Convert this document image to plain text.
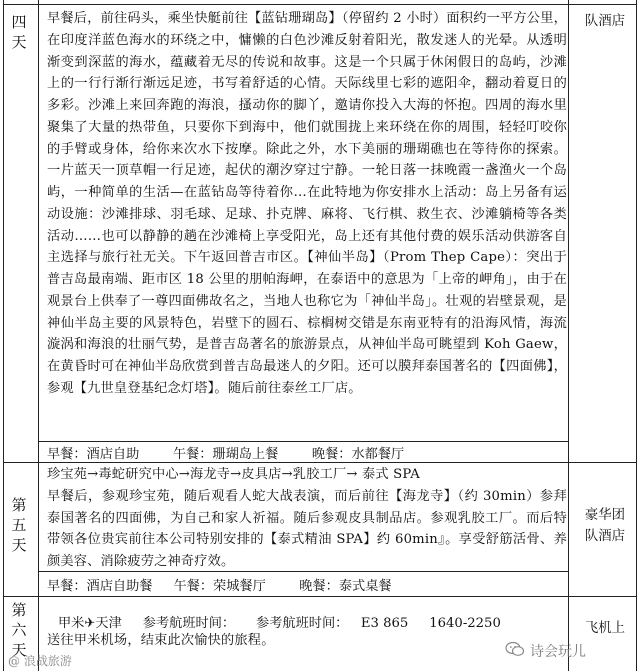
四
天

早餐后，前往码头，乘坐快艇前往【蓝钻珊瑚岛】（停留约 2 小时）面积约一平方公里，在印度洋蓝色海水的环绕之中，慵懒的白色沙滩反射着阳光，散发迷人的光晕。从透明渐变到深蓝的海水，蕴藏着无尽的传说和故事。这是一个只属于休闲假日的岛屿，沙滩上的一行行渐行渐远足迹，书写着舒适的心情。天际线里七彩的遮阳伞，翻动着夏日的多彩。沙滩上来回奔跑的海浪，搔动你的脚丫，邀请你投入大海的怀抱。四周的海水里聚集了大量的热带鱼，只要你下到海中，他们就围拢上来环绕在你的周围，轻轻叮咬你的手臂或身体，给你来次水下按摩。除此之外，水下美丽的珊瑚礁也在等待你的探索。一片蓝天一顶草帽一行足迹，起伏的潮汐穿过宁静。一轮日落一抹晚霞一盏渔火一个岛屿，一种简单的生活—在蓝钻岛等待着你…在此特地为你安排水上活动：岛上另备有运动设施：沙滩排球、羽毛球、足球、扑克牌、麻将、飞行棋、救生衣、沙滩躺椅等各类活动……也可以静静的趟在沙滩椅上享受阳光，岛上还有其他付费的娱乐活动供游客自主选择与旅行社无关。下午返回普吉市区。【神仙半岛】（Prom Thep Cape）：突出于普吉岛最南端、距市区 18 公里的朋帕海岬，在泰语中的意思为「上帝的岬角」，由于在观景台上供奉了一尊四面佛故名之，当地人也称它为「神仙半岛」。壮观的岩壁景观，是神仙半岛主要的风景特色，岩壁下的圆石、棕榈树交错是东南亚特有的沿海风情，海流漩涡和海浪的壮丽气势，是普吉岛著名的旅游景点，从神仙半岛可眺望到 Koh Gaew，在黄昏时可在神仙半岛欣赏到普吉岛最迷人的夕阳。还可以膜拜泰国著名的【四面佛】，参观【九世皇登基纪念灯塔】。随后前往泰丝工厂店。

队酒店
早餐：酒店自助        午餐：珊瑚岛上餐        晚餐：水都餐厅
第
五
天

珍宝苑→毒蛇研究中心→海龙寺→皮具店→乳胶工厂→ 泰式 SPA

早餐后，参观珍宝苑，随后观看人蛇大战表演，而后前往【海龙寺】（约 30min）参拜泰国著名的四面佛，为自己和家人祈福。随后参观皮具制品店。参观乳胶工厂。而后特带领各位贵宾前往本公司特别安排的【泰式精油 SPA】约 60min』。享受舒筋活骨、养颜美容、消除疲劳之神奇疗效。

豪华团
队酒店
早餐：酒店自助餐     午餐：荣城餐厅        晚餐：泰式桌餐
第
六
天
甲米✈天津     参考航班时间：     参考航班时间：   E3 865     1640-2250

送往甲米机场，结束此次愉快的旅程。

飞机上
@ 浪战旅游
诗会玩儿
